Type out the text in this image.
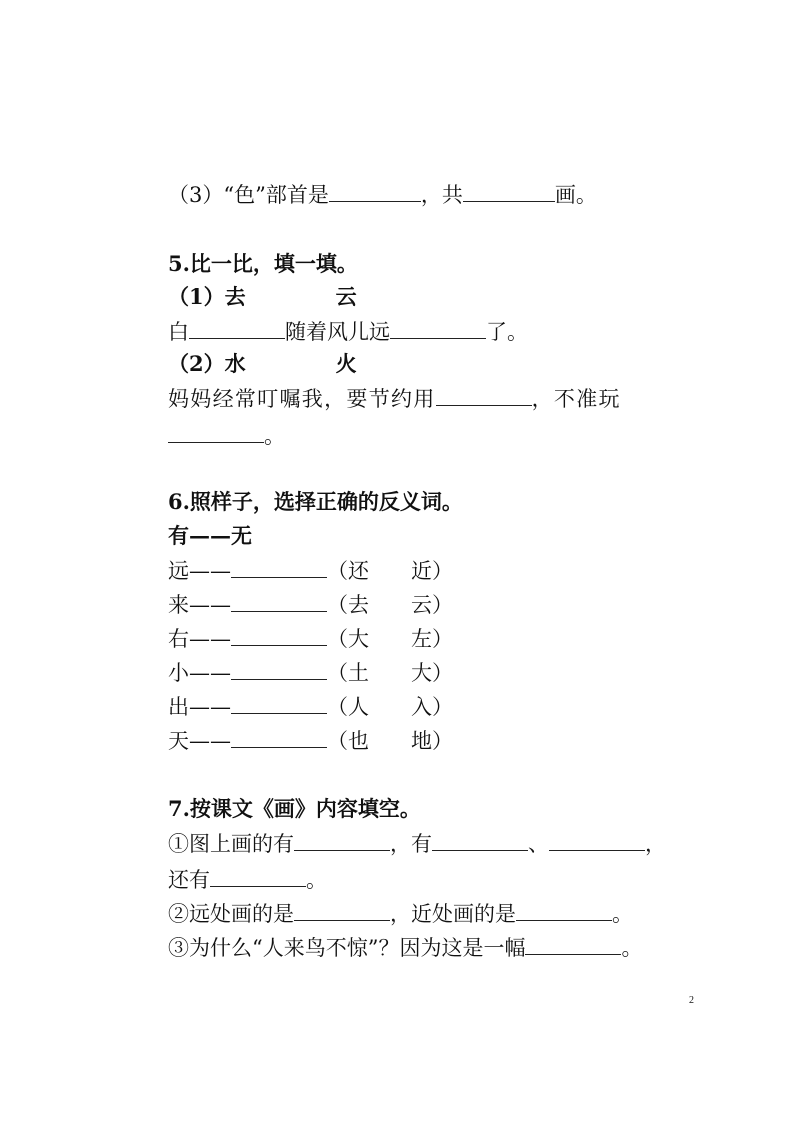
（3）“色”部首是	，共	画。
5.比一比，填一填。
（1）去	云
白	随着风儿远	了。
（2）水	火
妈妈经常叮嘱我，要节约用	，不准玩
。
6.照样子，选择正确的反义词。
有——无
远——	（还　　近）
来——	（去　　云）
右——	（大　　左）
小——	（土　　大）
出——	（人　　入）
天——	（也　　地）
7.按课文《画》内容填空。
①图上画的有	，有	、	，
还有	。
②远处画的是	，近处画的是	。
③为什么“人来鸟不惊”？因为这是一幅	。
2
